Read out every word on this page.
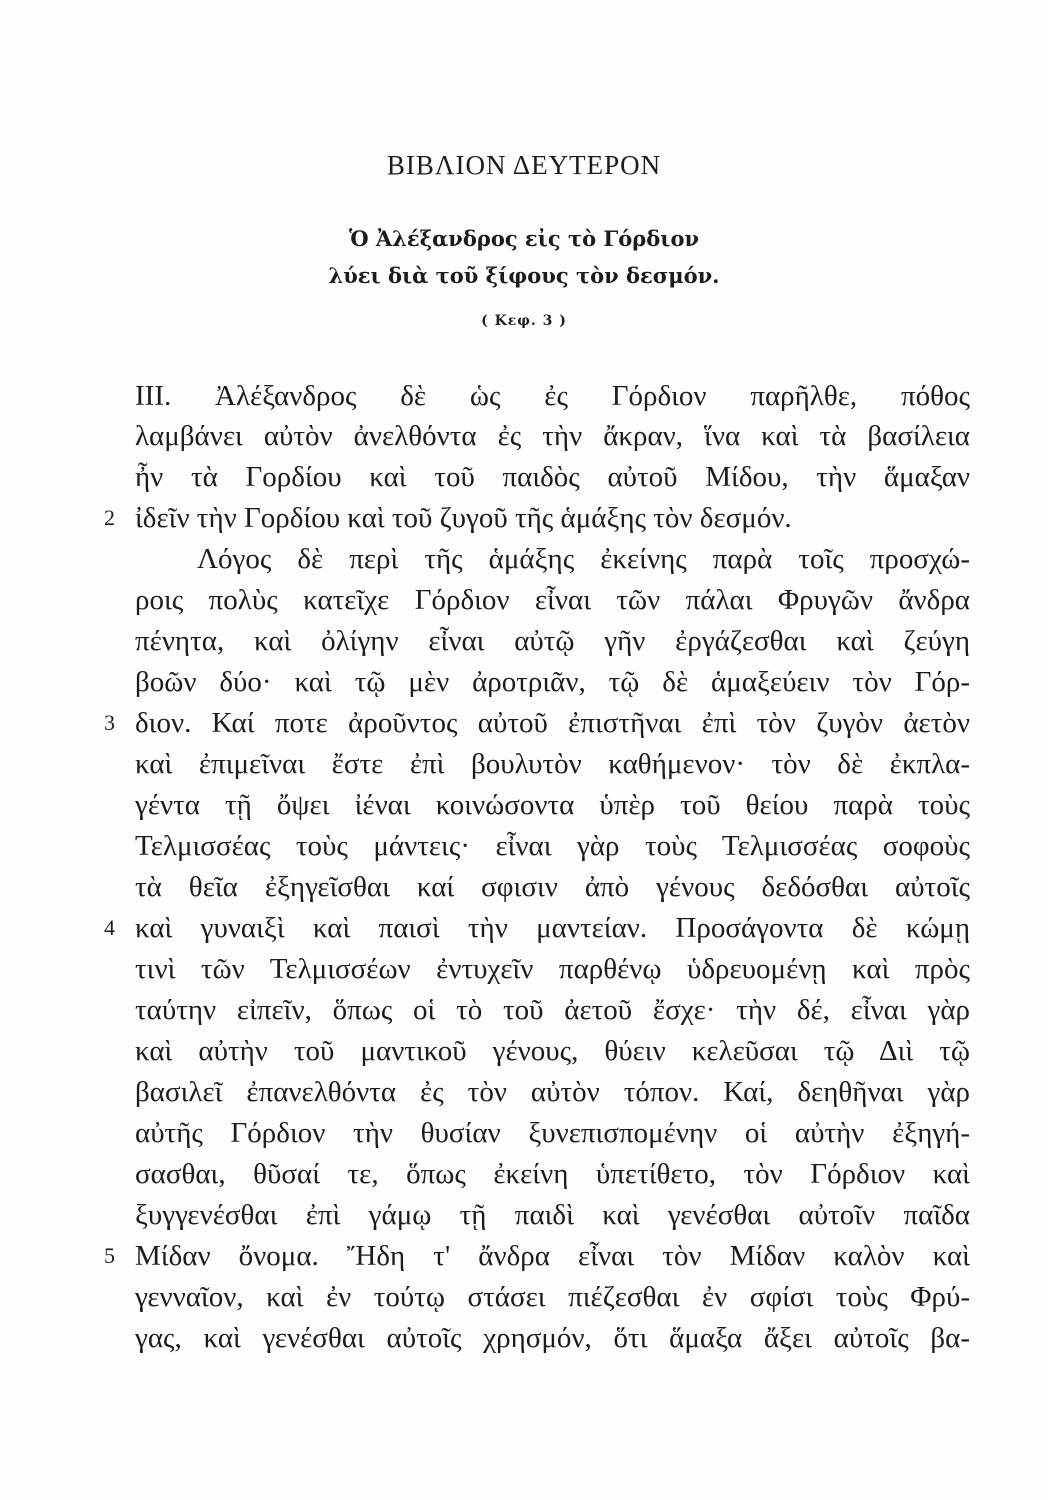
ΒΙΒΛΙΟΝ ΔΕΥΤΕΡΟΝ
Ὁ Ἀλέξανδρος εἰς τὸ Γόρδιον
λύει διὰ τοῦ ξίφους τὸν δεσμόν.
( Κεφ. 3 )
ΙΙΙ. Ἀλέξανδρος δὲ ὡς ἐς Γόρδιον παρῆλθε, πόθος
λαμβάνει αὐτὸν ἀνελθόντα ἐς τὴν ἄκραν, ἵνα καὶ τὰ βασίλεια
ἦν τὰ Γορδίου καὶ τοῦ παιδὸς αὐτοῦ Μίδου, τὴν ἅμαξαν
2 ἰδεῖν τὴν Γορδίου καὶ τοῦ ζυγοῦ τῆς ἁμάξης τὸν δεσμόν.
Λόγος δὲ περὶ τῆς ἁμάξης ἐκείνης παρὰ τοῖς προσχώ-
ροις πολὺς κατεῖχε Γόρδιον εἶναι τῶν πάλαι Φρυγῶν ἄνδρα
πένητα, καὶ ὀλίγην εἶναι αὐτῷ γῆν ἐργάζεσθαι καὶ ζεύγη
βοῶν δύο· καὶ τῷ μὲν ἀροτριᾶν, τῷ δὲ ἁμαξεύειν τὸν Γόρ-
3 διον. Καί ποτε ἀροῦντος αὐτοῦ ἐπιστῆναι ἐπὶ τὸν ζυγὸν ἀετὸν
καὶ ἐπιμεῖναι ἔστε ἐπὶ βουλυτὸν καθήμενον· τὸν δὲ ἐκπλα-
γέντα τῇ ὄψει ἰέναι κοινώσοντα ὑπὲρ τοῦ θείου παρὰ τοὺς
Τελμισσέας τοὺς μάντεις· εἶναι γὰρ τοὺς Τελμισσέας σοφοὺς
τὰ θεῖα ἐξηγεῖσθαι καί σφισιν ἀπὸ γένους δεδόσθαι αὐτοῖς
4 καὶ γυναιξὶ καὶ παισὶ τὴν μαντείαν. Προσάγοντα δὲ κώμῃ
τινὶ τῶν Τελμισσέων ἐντυχεῖν παρθένῳ ὑδρευομένῃ καὶ πρὸς
ταύτην εἰπεῖν, ὅπως οἱ τὸ τοῦ ἀετοῦ ἔσχε· τὴν δέ, εἶναι γὰρ
καὶ αὐτὴν τοῦ μαντικοῦ γένους, θύειν κελεῦσαι τῷ Διὶ τῷ
βασιλεῖ ἐπανελθόντα ἐς τὸν αὐτὸν τόπον. Καί, δεηθῆναι γὰρ
αὐτῆς Γόρδιον τὴν θυσίαν ξυνεπισπομένην οἱ αὐτὴν ἐξηγή-
σασθαι, θῦσαί τε, ὅπως ἐκείνη ὑπετίθετο, τὸν Γόρδιον καὶ
ξυγγενέσθαι ἐπὶ γάμῳ τῇ παιδὶ καὶ γενέσθαι αὐτοῖν παῖδα
5 Μίδαν ὄνομα. Ἤδη τ' ἄνδρα εἶναι τὸν Μίδαν καλὸν καὶ
γενναῖον, καὶ ἐν τούτῳ στάσει πιέζεσθαι ἐν σφίσι τοὺς Φρύ-
γας, καὶ γενέσθαι αὐτοῖς χρησμόν, ὅτι ἅμαξα ἄξει αὐτοῖς βα-
